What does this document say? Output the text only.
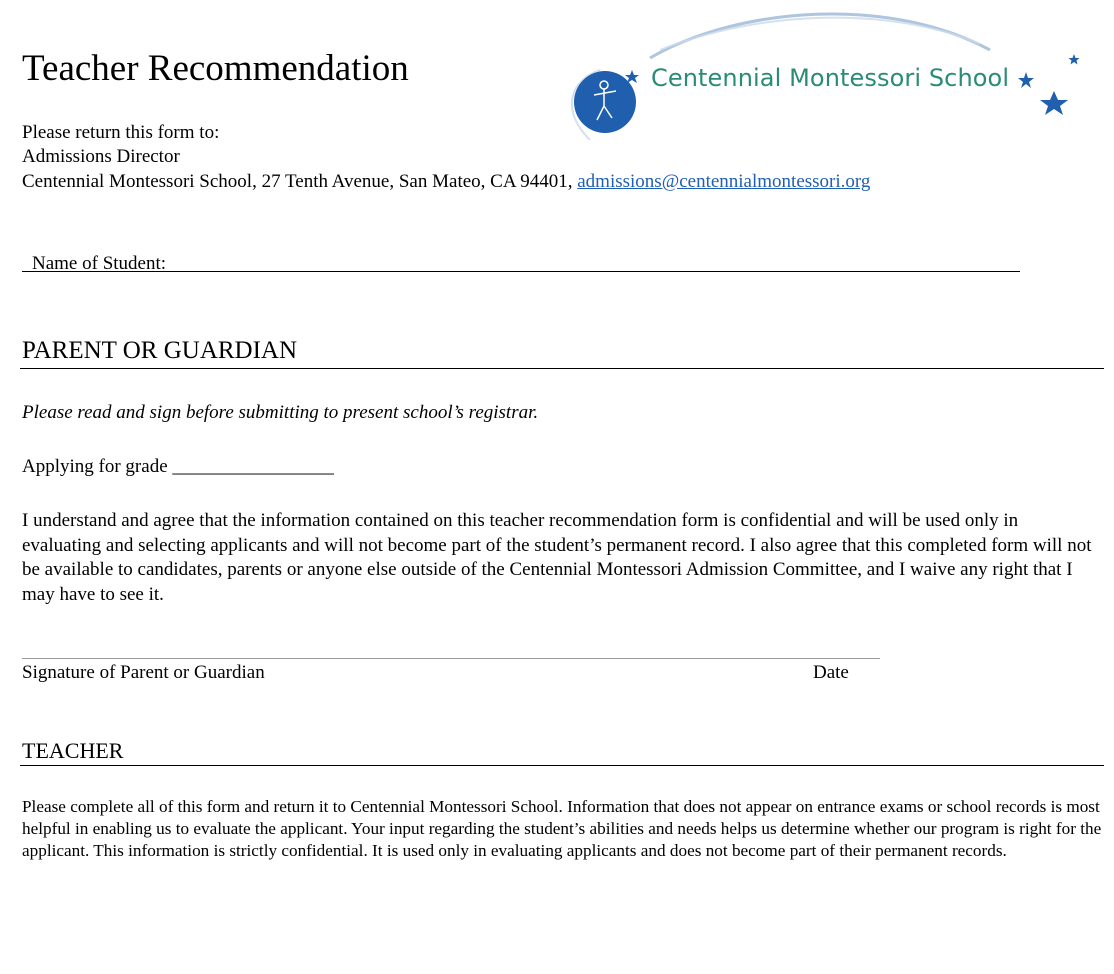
Centennial Montessori School
Teacher Recommendation
Please return this form to:
Admissions Director
Centennial Montessori School, 27 Tenth Avenue, San Mateo, CA 94401, admissions@centennialmontessori.org
Name of Student:
PARENT OR GUARDIAN
Please read and sign before submitting to present school’s registrar.
Applying for grade _________________
I understand and agree that the information contained on this teacher recommendation form is confidential and will be used only in evaluating and selecting applicants and will not become part of the student’s permanent record. I also agree that this completed form will not be available to candidates, parents or anyone else outside of the Centennial Montessori Admission Committee, and I waive any right that I may have to see it.
Signature of Parent or Guardian	Date
TEACHER
Please complete all of this form and return it to Centennial Montessori School. Information that does not appear on entrance exams or school records is most helpful in enabling us to evaluate the applicant. Your input regarding the student’s abilities and needs helps us determine whether our program is right for the applicant. This information is strictly confidential. It is used only in evaluating applicants and does not become part of their permanent records.
